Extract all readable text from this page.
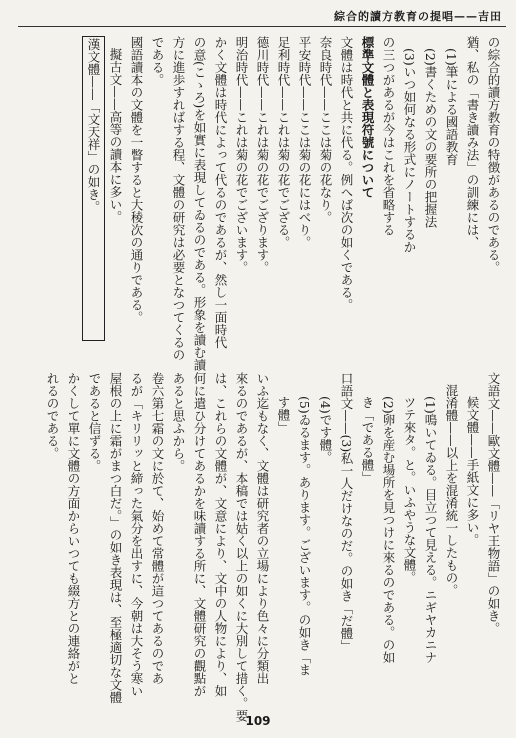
綜合的讀方教育の提唱——吉田
の綜合的讀方教育の特徴があるのである。
猶、私の「書き讀み法」の訓練には、
(1)筆による國語教育
(2)書くための文の要所の把握法
(3)いつ如何なる形式にノートするか
の三つがあるが今はこれを省略する
標準文體と表現符號について
文體は時代と共に代る。例へば次の如くである。
奈良時代——ここは菊の花なり。
平安時代——ここは菊の花にはべり。
足利時代——これは菊の花でござる。
德川時代——これは菊の花でござります。
明治時代——これは菊の花でございます。
かく文體は時代によって代るのであるが、然し一面時代
の意(こゝろ)を如實に表現してゐるのである。形象を讀む讀
方に進歩すればする程、文體の研究は必要となつてくるの
である。
國語讀本の文體を一瞥すると大稜次の通りである。
擬古文——高等の讀本に多い。
漢文體——「文天祥」の如き。
文語文——歐文體——「リヤ王物語」の如き。
候文體——手紙文に多い。
混淆體——以上を混淆統一したもの。
(1)鳴いてゐる。目立つて見える。ニギヤカニナ
ツテ來タ。と。いふやうな文體。
(2)卵を産む場所を見つけに來るのである。の如
き「である體」
口語文——(3)私一人だけなのだ。の如き「だ體」
(4)です體。
(5)ゐるます。あります。ございます。の如き「ま
す體」
いふ迄もなく、文體は研究者の立場により色々に分類出
來るのであるが、本稿では姑く以上の如くに大別して措く。要
は、これらの文體が、文意により、文中の人物により、如
何に遣ひ分けてあるかを味讀する所に、文體研究の觀點が
あると思ふから。
卷六第七霜の文に於て、始めて常體が這つてあるのであ
るが「キリリッと締った氣分を出すに、今朝は大そう寒い
屋根の上に霜がまつ白だ。」の如き表現は、至極適切な文體
であると信ずる。
かくして單に文體の方面からいつても綴方との連絡がと
れるのである。
109
